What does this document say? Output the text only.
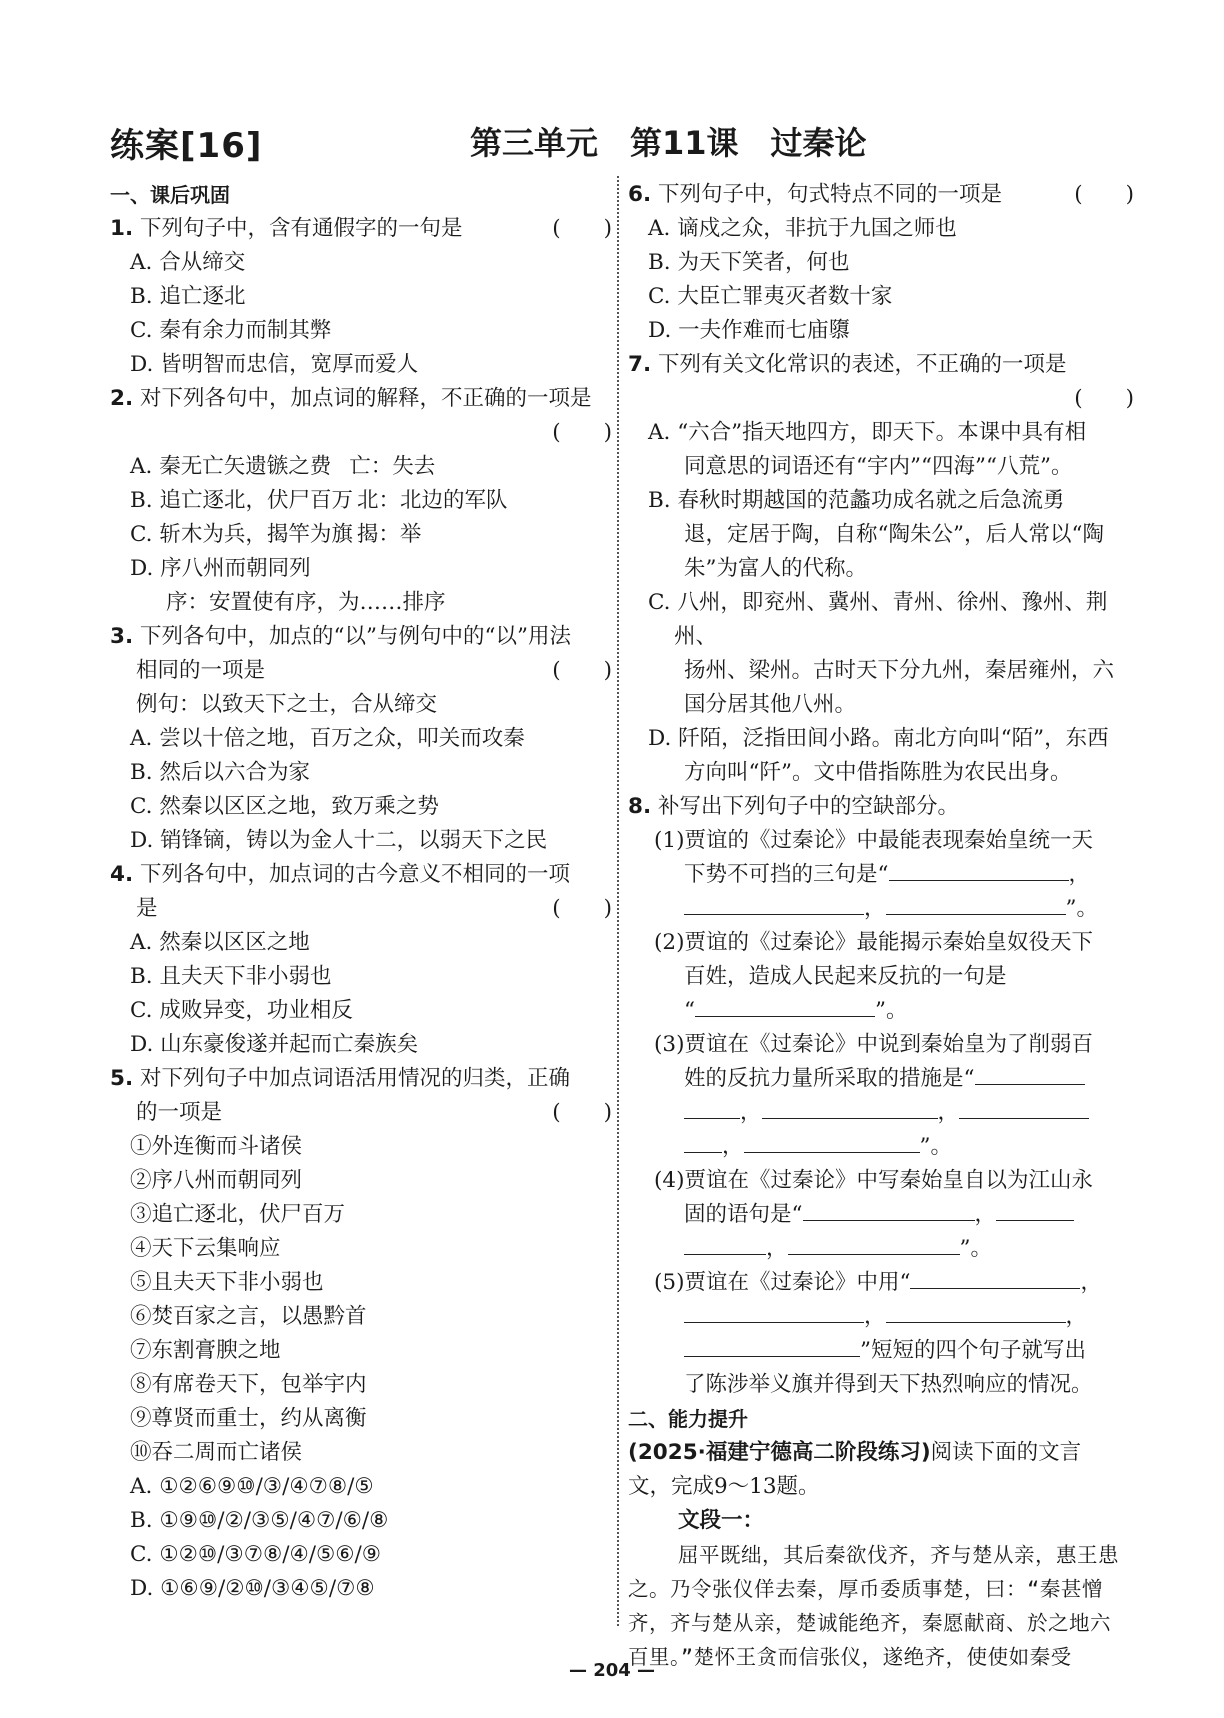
练案[16]	第三单元　第11课　过秦论
一、课后巩固
(　　)
1. 下列句子中，含有通假字的一句是
A. 合从缔交
B. 追亡逐北
C. 秦有余力而制其弊
D. 皆明智而忠信，宽厚而爱人
2. 对下列各句中，加点词的解释，不正确的一项是
(　　)
A. 秦无亡矢遗镞之费 亡：失去
B. 追亡逐北，伏尸百万 北：北边的军队
C. 斩木为兵，揭竿为旗 揭：举
D. 序八州而朝同列
序：安置使有序，为……排序
3. 下列各句中，加点的“以”与例句中的“以”用法
(　　)
相同的一项是
例句：以致天下之士，合从缔交
A. 尝以十倍之地，百万之众，叩关而攻秦
B. 然后以六合为家
C. 然秦以区区之地，致万乘之势
D. 销锋镝，铸以为金人十二，以弱天下之民
4. 下列各句中，加点词的古今意义不相同的一项
(　　)
是
A. 然秦以区区之地
B. 且夫天下非小弱也
C. 成败异变，功业相反
D. 山东豪俊遂并起而亡秦族矣
5. 对下列句子中加点词语活用情况的归类，正确
(　　)
的一项是
①外连衡而斗诸侯
②序八州而朝同列
③追亡逐北，伏尸百万
④天下云集响应
⑤且夫天下非小弱也
⑥焚百家之言，以愚黔首
⑦东割膏腴之地
⑧有席卷天下，包举宇内
⑨尊贤而重士，约从离衡
⑩吞二周而亡诸侯
A. ①②⑥⑨⑩/③/④⑦⑧/⑤
B. ①⑨⑩/②/③⑤/④⑦/⑥/⑧
C. ①②⑩/③⑦⑧/④/⑤⑥/⑨
D. ①⑥⑨/②⑩/③④⑤/⑦⑧
(　　)
6. 下列句子中，句式特点不同的一项是
A. 谪戍之众，非抗于九国之师也
B. 为天下笑者，何也
C. 大臣亡罪夷灭者数十家
D. 一夫作难而七庙隳
7. 下列有关文化常识的表述，不正确的一项是
(　　)
A. “六合”指天地四方，即天下。本课中具有相
同意思的词语还有“宇内”“四海”“八荒”。
B. 春秋时期越国的范蠡功成名就之后急流勇
退，定居于陶，自称“陶朱公”，后人常以“陶
朱”为富人的代称。
C. 八州，即兖州、冀州、青州、徐州、豫州、荆州、
扬州、梁州。古时天下分九州，秦居雍州，六
国分居其他八州。
D. 阡陌，泛指田间小路。南北方向叫“陌”，东西
方向叫“阡”。文中借指陈胜为农民出身。
8. 补写出下列句子中的空缺部分。
(1)贾谊的《过秦论》中最能表现秦始皇统一天
下势不可挡的三句是“	，
，	”。
(2)贾谊的《过秦论》最能揭示秦始皇奴役天下
百姓，造成人民起来反抗的一句是
“	”。
(3)贾谊在《过秦论》中说到秦始皇为了削弱百
姓的反抗力量所采取的措施是“
，	，
，	”。
(4)贾谊在《过秦论》中写秦始皇自以为江山永
固的语句是“	，
，	”。
(5)贾谊在《过秦论》中用“	，
，	，
”短短的四个句子就写出
了陈涉举义旗并得到天下热烈响应的情况。
二、能力提升
(2025·福建宁德高二阶段练习)阅读下面的文言
文，完成9～13题。
文段一：
屈平既绌，其后秦欲伐齐，齐与楚从亲，惠王患
之。乃令张仪佯去秦，厚币委质事楚，曰：“秦甚憎
齐，齐与楚从亲，楚诚能绝齐，秦愿献商、於之地六
百里。”楚怀王贪而信张仪，遂绝齐，使使如秦受
— 204 —
